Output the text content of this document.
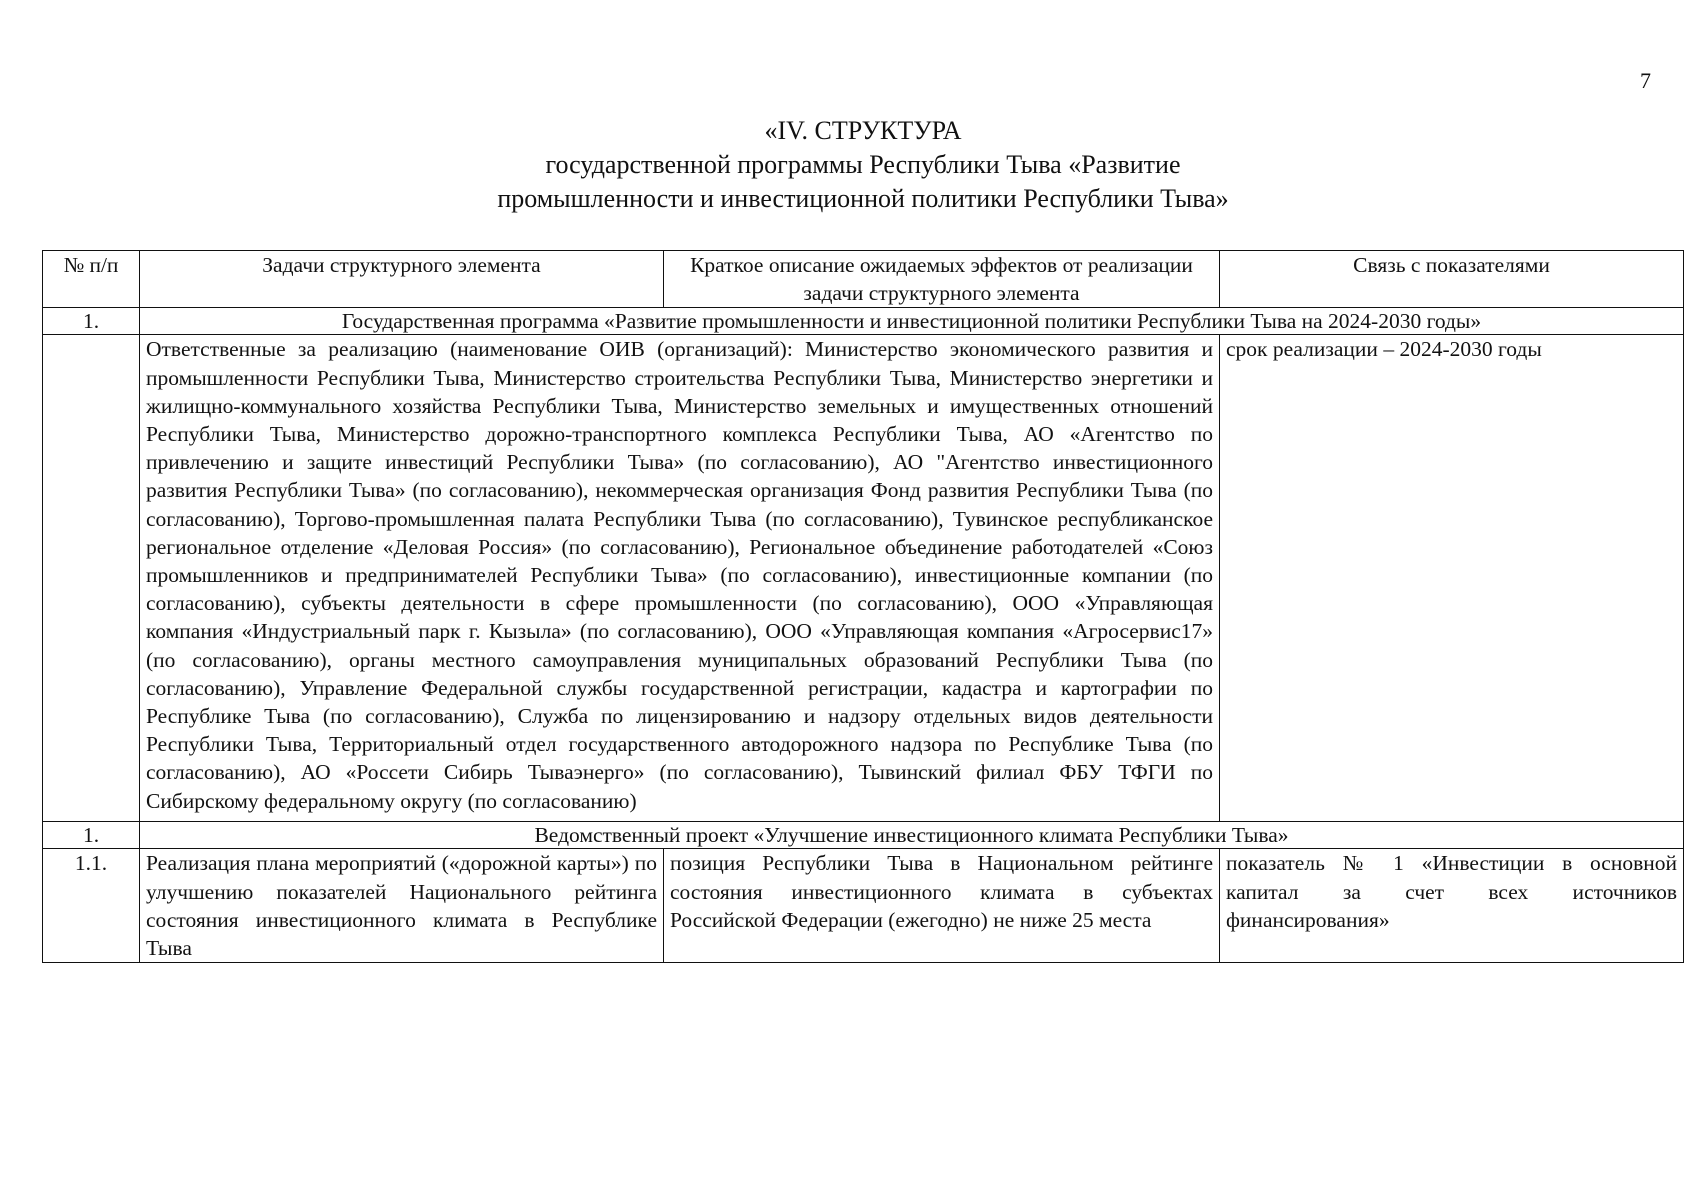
7
«IV. СТРУКТУРА
государственной программы Республики Тыва «Развитие
промышленности и инвестиционной политики Республики Тыва»
№ п/п	Задачи структурного элемента	Краткое описание ожидаемых эффектов от реализации задачи структурного элемента	Связь с показателями
1.	Государственная программа «Развитие промышленности и инвестиционной политики Республики Тыва на 2024-2030 годы»		
	Ответственные за реализацию (наименование ОИВ (организаций): Министерство экономического развития и промышленности Республики Тыва, Министерство строительства Республики Тыва, Министерство энергетики и жилищно-коммунального хозяйства Республики Тыва, Министерство земельных и имущественных отношений Республики Тыва, Министерство дорожно-транспортного комплекса Республики Тыва, АО «Агентство по привлечению и защите инвестиций Республики Тыва» (по согласованию), АО "Агентство инвестиционного развития Республики Тыва» (по согласованию), некоммерческая организация Фонд развития Республики Тыва (по согласованию), Торгово-промышленная палата Республики Тыва (по согласованию), Тувинское республиканское региональное отделение «Деловая Россия» (по согласованию), Региональное объединение работодателей «Союз промышленников и предпринимателей Республики Тыва» (по согласованию), инвестиционные компании (по согласованию), субъекты деятельности в сфере промышленности (по согласованию), ООО «Управляющая компания «Индустриальный парк г. Кызыла» (по согласованию), ООО «Управляющая компания «Агросервис17» (по согласованию), органы местного самоуправления муниципальных образований Республики Тыва (по согласованию), Управление Федеральной службы государственной регистрации, кадастра и картографии по Республике Тыва (по согласованию), Служба по лицензированию и надзору отдельных видов деятельности Республики Тыва, Территориальный отдел государственного автодорожного надзора по Республике Тыва (по согласованию), АО «Россети Сибирь Тываэнерго» (по согласованию), Тывинский филиал ФБУ ТФГИ по Сибирскому федеральному округу (по согласованию)		срок реализации – 2024-2030 годы
1.	Ведомственный проект «Улучшение инвестиционного климата Республики Тыва»		
1.1.	Реализация плана мероприятий («дорожной карты») по улучшению показателей Национального рейтинга состояния инвестиционного климата в Республике Тыва	позиция Республики Тыва в Национальном рейтинге состояния инвестиционного климата в субъектах Российской Федерации (ежегодно) не ниже 25 места	показатель № 1 «Инвестиции в основной капитал за счет всех источников финансирования»
